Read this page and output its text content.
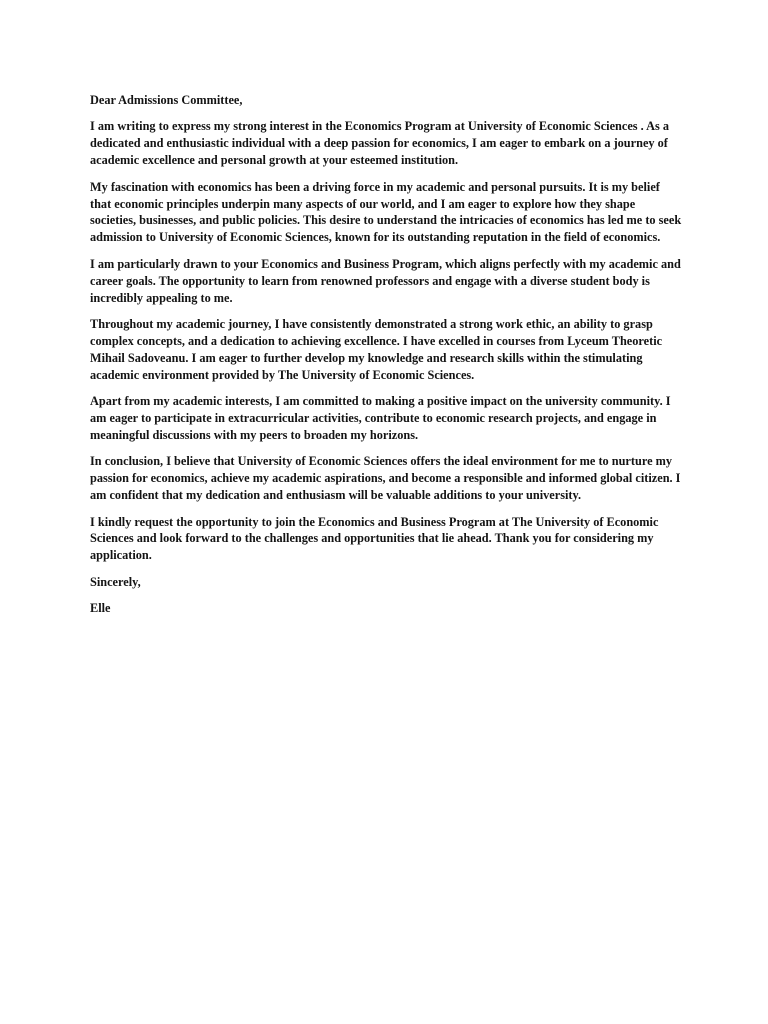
Dear Admissions Committee,

I am writing to express my strong interest in the Economics Program at University of Economic Sciences . As a dedicated and enthusiastic individual with a deep passion for economics, I am eager to embark on a journey of academic excellence and personal growth at your esteemed institution.

My fascination with economics has been a driving force in my academic and personal pursuits. It is my belief that economic principles underpin many aspects of our world, and I am eager to explore how they shape societies, businesses, and public policies. This desire to understand the intricacies of economics has led me to seek admission to University of Economic Sciences, known for its outstanding reputation in the field of economics.

I am particularly drawn to your Economics and Business Program, which aligns perfectly with my academic and career goals. The opportunity to learn from renowned professors and engage with a diverse student body is incredibly appealing to me.

Throughout my academic journey, I have consistently demonstrated a strong work ethic, an ability to grasp complex concepts, and a dedication to achieving excellence. I have excelled in courses from Lyceum Theoretic Mihail Sadoveanu. I am eager to further develop my knowledge and research skills within the stimulating academic environment provided by The University of Economic Sciences.

Apart from my academic interests, I am committed to making a positive impact on the university community. I am eager to participate in extracurricular activities, contribute to economic research projects, and engage in meaningful discussions with my peers to broaden my horizons.

In conclusion, I believe that University of Economic Sciences offers the ideal environment for me to nurture my passion for economics, achieve my academic aspirations, and become a responsible and informed global citizen. I am confident that my dedication and enthusiasm will be valuable additions to your university.

I kindly request the opportunity to join the Economics and Business Program at The University of Economic Sciences and look forward to the challenges and opportunities that lie ahead. Thank you for considering my application.

Sincerely,

Elle
